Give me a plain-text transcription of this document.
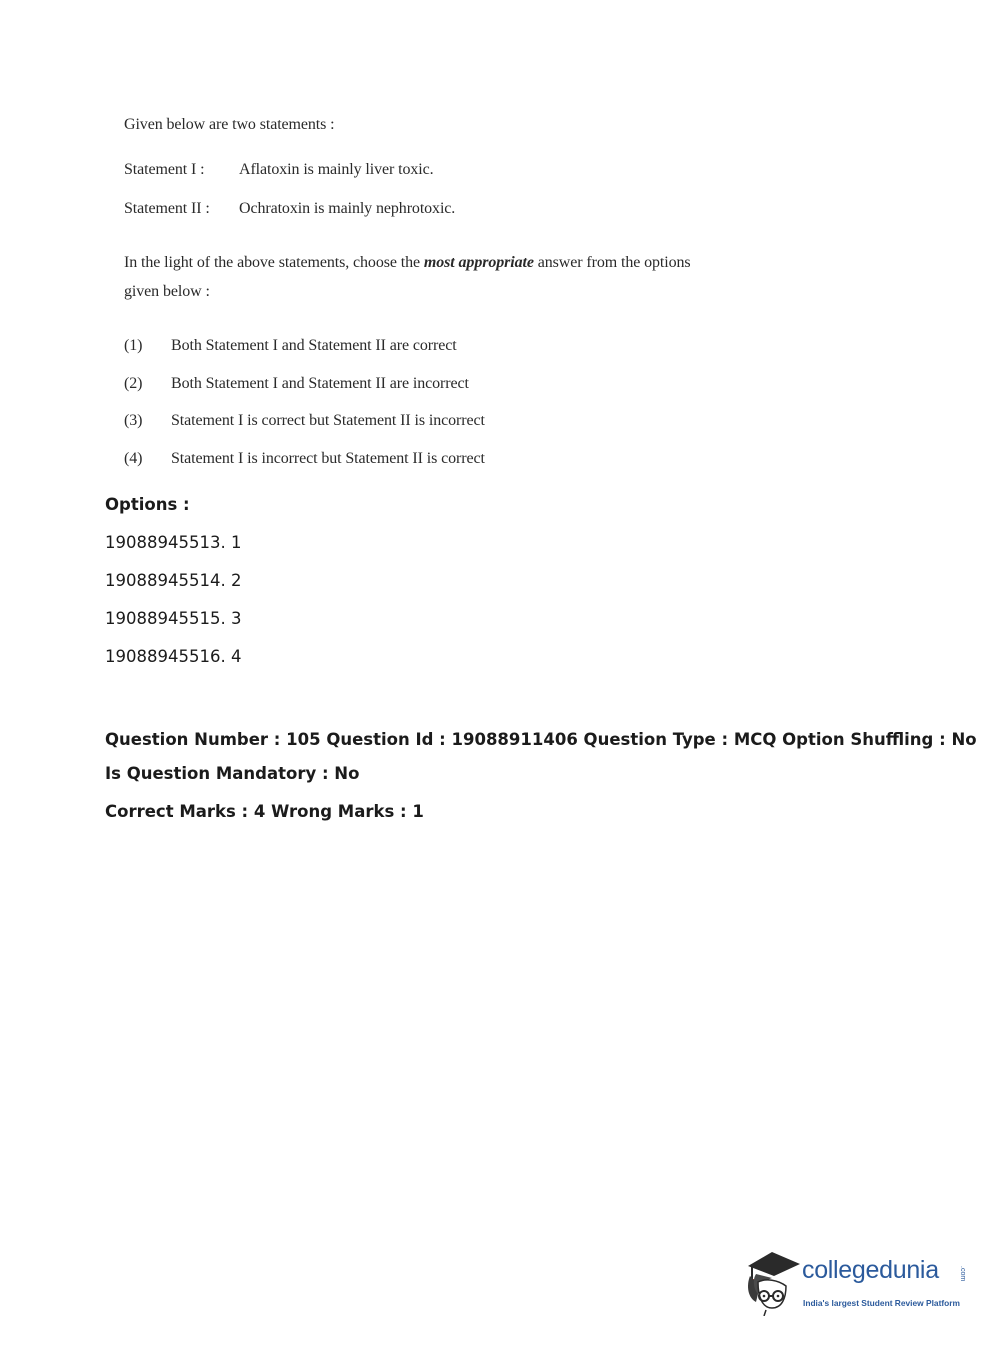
Given below are two statements :
Statement I : Aflatoxin is mainly liver toxic.
Statement II : Ochratoxin is mainly nephrotoxic.
In the light of the above statements, choose the most appropriate answer from the options
given below :
(1) Both Statement I and Statement II are correct
(2) Both Statement I and Statement II are incorrect
(3) Statement I is correct but Statement II is incorrect
(4) Statement I is incorrect but Statement II is correct
Options :
19088945513. 1
19088945514. 2
19088945515. 3
19088945516. 4
Question Number : 105 Question Id : 19088911406 Question Type : MCQ Option Shuffling : No
Is Question Mandatory : No
Correct Marks : 4 Wrong Marks : 1
collegedunia	.com
India's largest Student Review Platform
